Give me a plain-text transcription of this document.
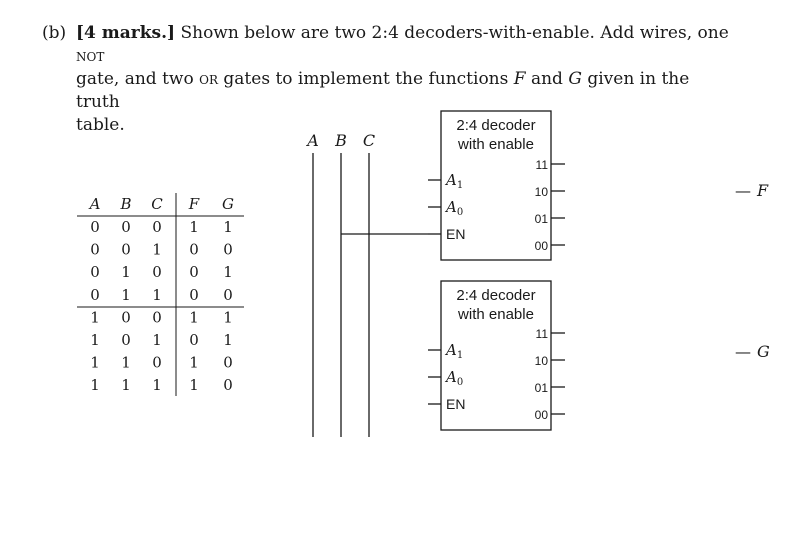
(b) [4 marks.] Shown below are two 2:4 decoders-with-enable. Add wires, one not
gate, and two or gates to implement the functions F and G given in the truth
table.
A B C F G
0 0 0 1 1
0 0 1 0 0
0 1 0 0 1
0 1 1 0 0
1 0 0 1 1
1 0 1 0 1
1 1 0 1 0
1 1 1 1 0
A B C
2:4 decoder
with enable
$A_1$
$A_0$
EN
11
10
01
00
2:4 decoder
with enable
$A_1$
$A_0$
EN
11
10
01
00
— F
— G
